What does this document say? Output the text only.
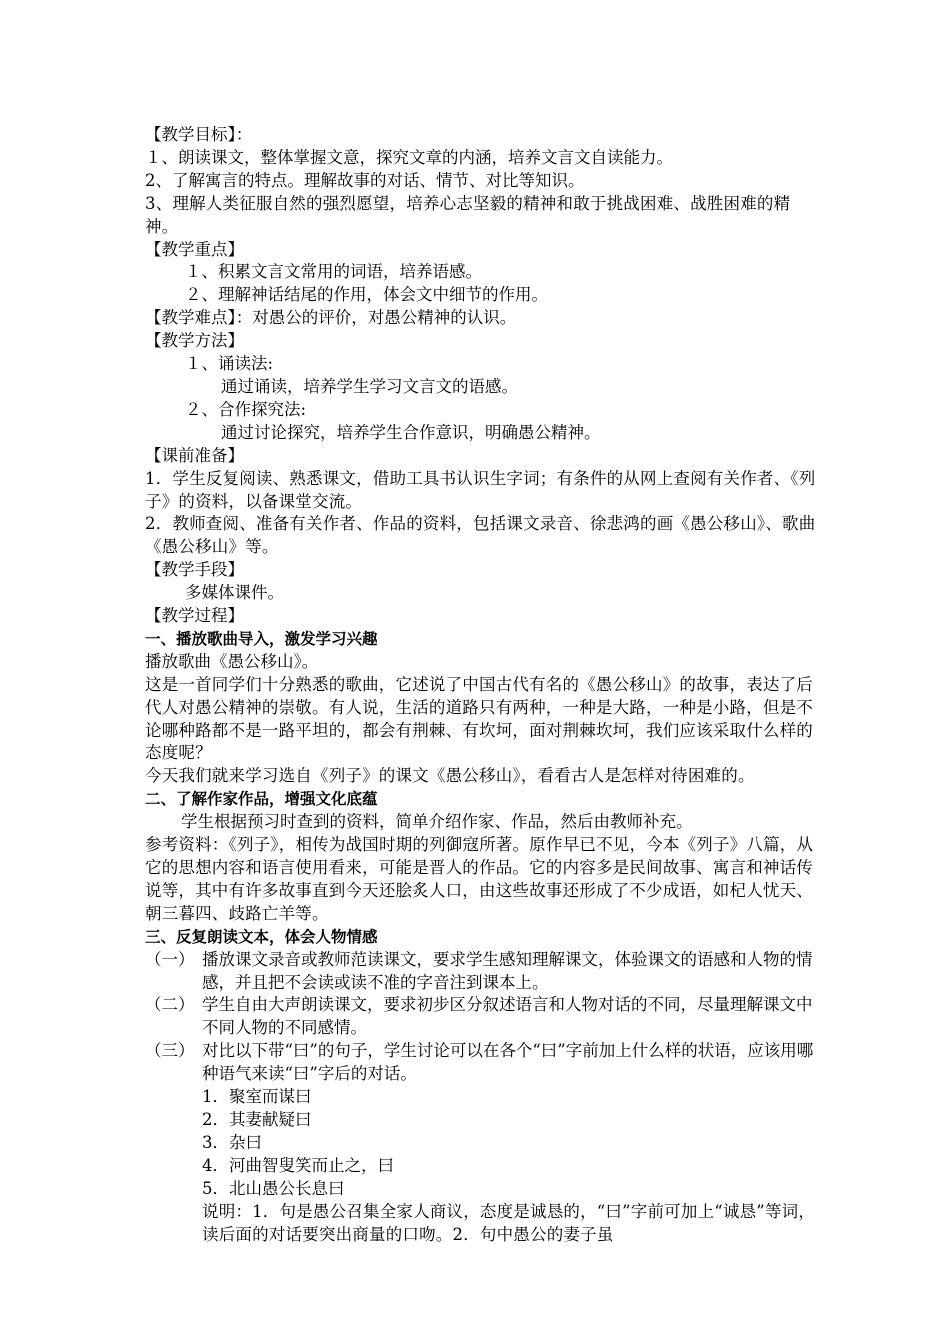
【教学目标】：
１、朗读课文，整体掌握文意，探究文章的内涵，培养文言文自读能力。
2、了解寓言的特点。理解故事的对话、情节、对比等知识。
3、理解人类征服自然的强烈愿望，培养心志坚毅的精神和敢于挑战困难、战胜困难的精神。
【教学重点】
１、积累文言文常用的词语，培养语感。
２、理解神话结尾的作用，体会文中细节的作用。
【教学难点】：对愚公的评价，对愚公精神的认识。
【教学方法】
１、诵读法:
通过诵读，培养学生学习文言文的语感。
２、合作探究法:
通过讨论探究，培养学生合作意识，明确愚公精神。
【课前准备】
1．学生反复阅读、熟悉课文，借助工具书认识生字词；有条件的从网上查阅有关作者、《列子》的资料，以备课堂交流。
2．教师查阅、准备有关作者、作品的资料，包括课文录音、徐悲鸿的画《愚公移山》、歌曲《愚公移山》等。
【教学手段】
多媒体课件。
【教学过程】
一、播放歌曲导入，激发学习兴趣
播放歌曲《愚公移山》。
这是一首同学们十分熟悉的歌曲，它述说了中国古代有名的《愚公移山》的故事，表达了后代人对愚公精神的崇敬。有人说，生活的道路只有两种，一种是大路，一种是小路，但是不论哪种路都不是一路平坦的，都会有荆棘、有坎坷，面对荆棘坎坷，我们应该采取什么样的态度呢？
今天我们就来学习选自《列子》的课文《愚公移山》，看看古人是怎样对待困难的。
二、了解作家作品，增强文化底蕴
学生根据预习时查到的资料，简单介绍作家、作品，然后由教师补充。
参考资料：《列子》，相传为战国时期的列御寇所著。原作早已不见，今本《列子》八篇，从它的思想内容和语言使用看来，可能是晋人的作品。它的内容多是民间故事、寓言和神话传说等，其中有许多故事直到今天还脍炙人口，由这些故事还形成了不少成语，如杞人忧天、朝三暮四、歧路亡羊等。
三、反复朗读文本，体会人物情感
（一） 播放课文录音或教师范读课文，要求学生感知理解课文，体验课文的语感和人物的情感，并且把不会读或读不准的字音注到课本上。
（二） 学生自由大声朗读课文，要求初步区分叙述语言和人物对话的不同，尽量理解课文中不同人物的不同感情。
（三） 对比以下带“曰”的句子，学生讨论可以在各个“曰”字前加上什么样的状语，应该用哪种语气来读“曰”字后的对话。
1．聚室而谋曰
2．其妻献疑曰
3．杂曰
4．河曲智叟笑而止之，曰
5．北山愚公长息曰
说明：1．句是愚公召集全家人商议，态度是诚恳的，“曰”字前可加上“诚恳”等词，读后面的对话要突出商量的口吻。2．句中愚公的妻子虽
